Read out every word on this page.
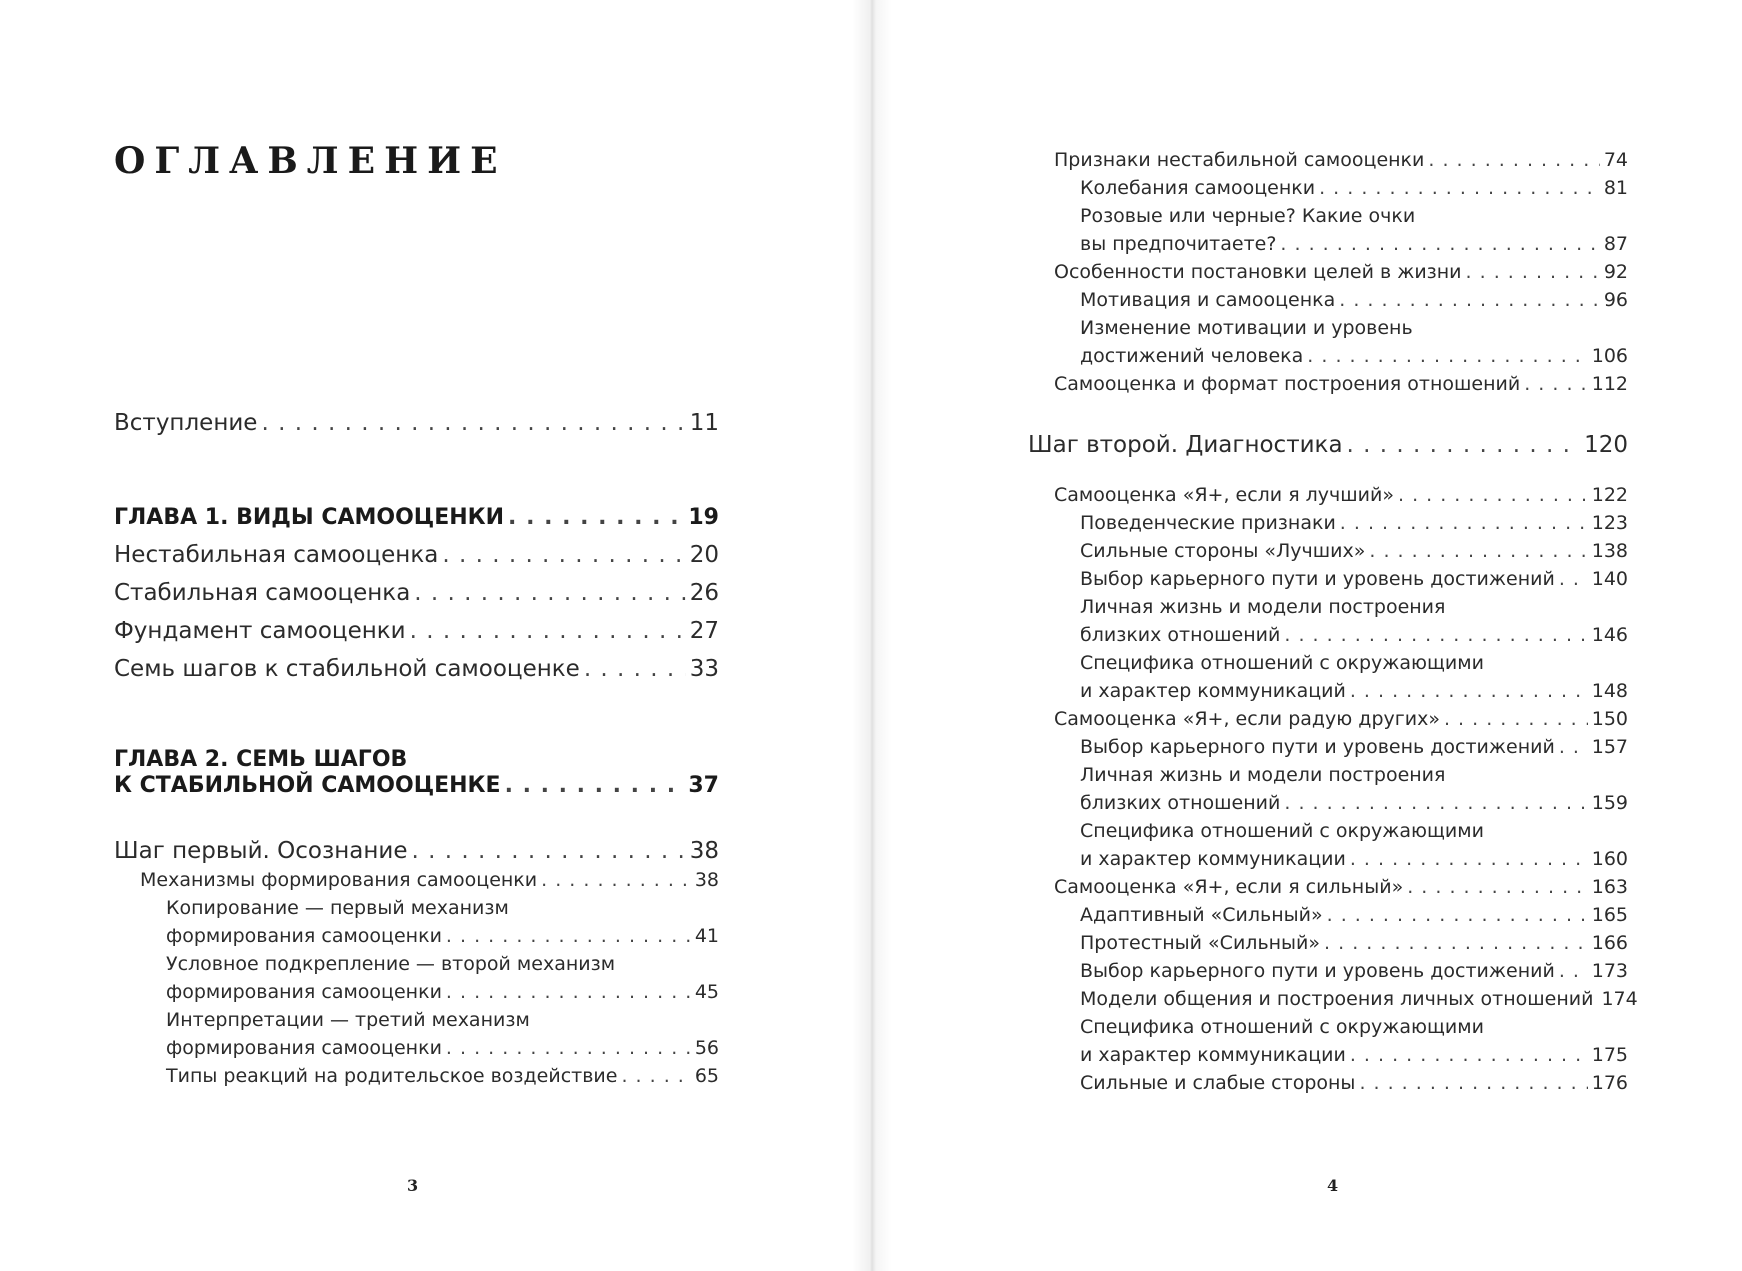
ОГЛАВЛЕНИЕ
Вступление . . .	11
ГЛАВА 1. ВИДЫ САМООЦЕНКИ . . .	19
Нестабильная самооценка . . .	20
Стабильная самооценка . . .	26
Фундамент самооценки . . .	27
Семь шагов к стабильной самооценке . . .	33
ГЛАВА 2. СЕМЬ ШАГОВ
К СТАБИЛЬНОЙ САМООЦЕНКЕ . . .	37
Шаг первый. Осознание . . .	38
Механизмы формирования самооценки . . .	38
Копирование — первый механизм
формирования самооценки . . .	41
Условное подкрепление — второй механизм
формирования самооценки . . .	45
Интерпретации — третий механизм
формирования самооценки . . .	56
Типы реакций на родительское воздействие . . .	65
3
Признаки нестабильной самооценки . . .	74
Колебания самооценки . . .	81
Розовые или черные? Какие очки
вы предпочитаете? . . .	87
Особенности постановки целей в жизни . . .	92
Мотивация и самооценка . . .	96
Изменение мотивации и уровень
достижений человека . . .	106
Самооценка и формат построения отношений . . .	112
Шаг второй. Диагностика . . .	120
Самооценка «Я+, если я лучший» . . .	122
Поведенческие признаки . . .	123
Сильные стороны «Лучших» . . .	138
Выбор карьерного пути и уровень достижений . . . 140
Личная жизнь и модели построения
близких отношений . . .	146
Специфика отношений с окружающими
и характер коммуникаций . . .	148
Самооценка «Я+, если радую других» . . .	150
Выбор карьерного пути и уровень достижений . . . 157
Личная жизнь и модели построения
близких отношений . . .	159
Специфика отношений с окружающими
и характер коммуникации . . .	160
Самооценка «Я+, если я сильный» . . .	163
Адаптивный «Сильный» . . .	165
Протестный «Сильный» . . .	166
Выбор карьерного пути и уровень достижений . . . 173
Модели общения и построения личных отношений 174
Специфика отношений с окружающими
и характер коммуникации . . .	175
Сильные и слабые стороны . . .	176
4
